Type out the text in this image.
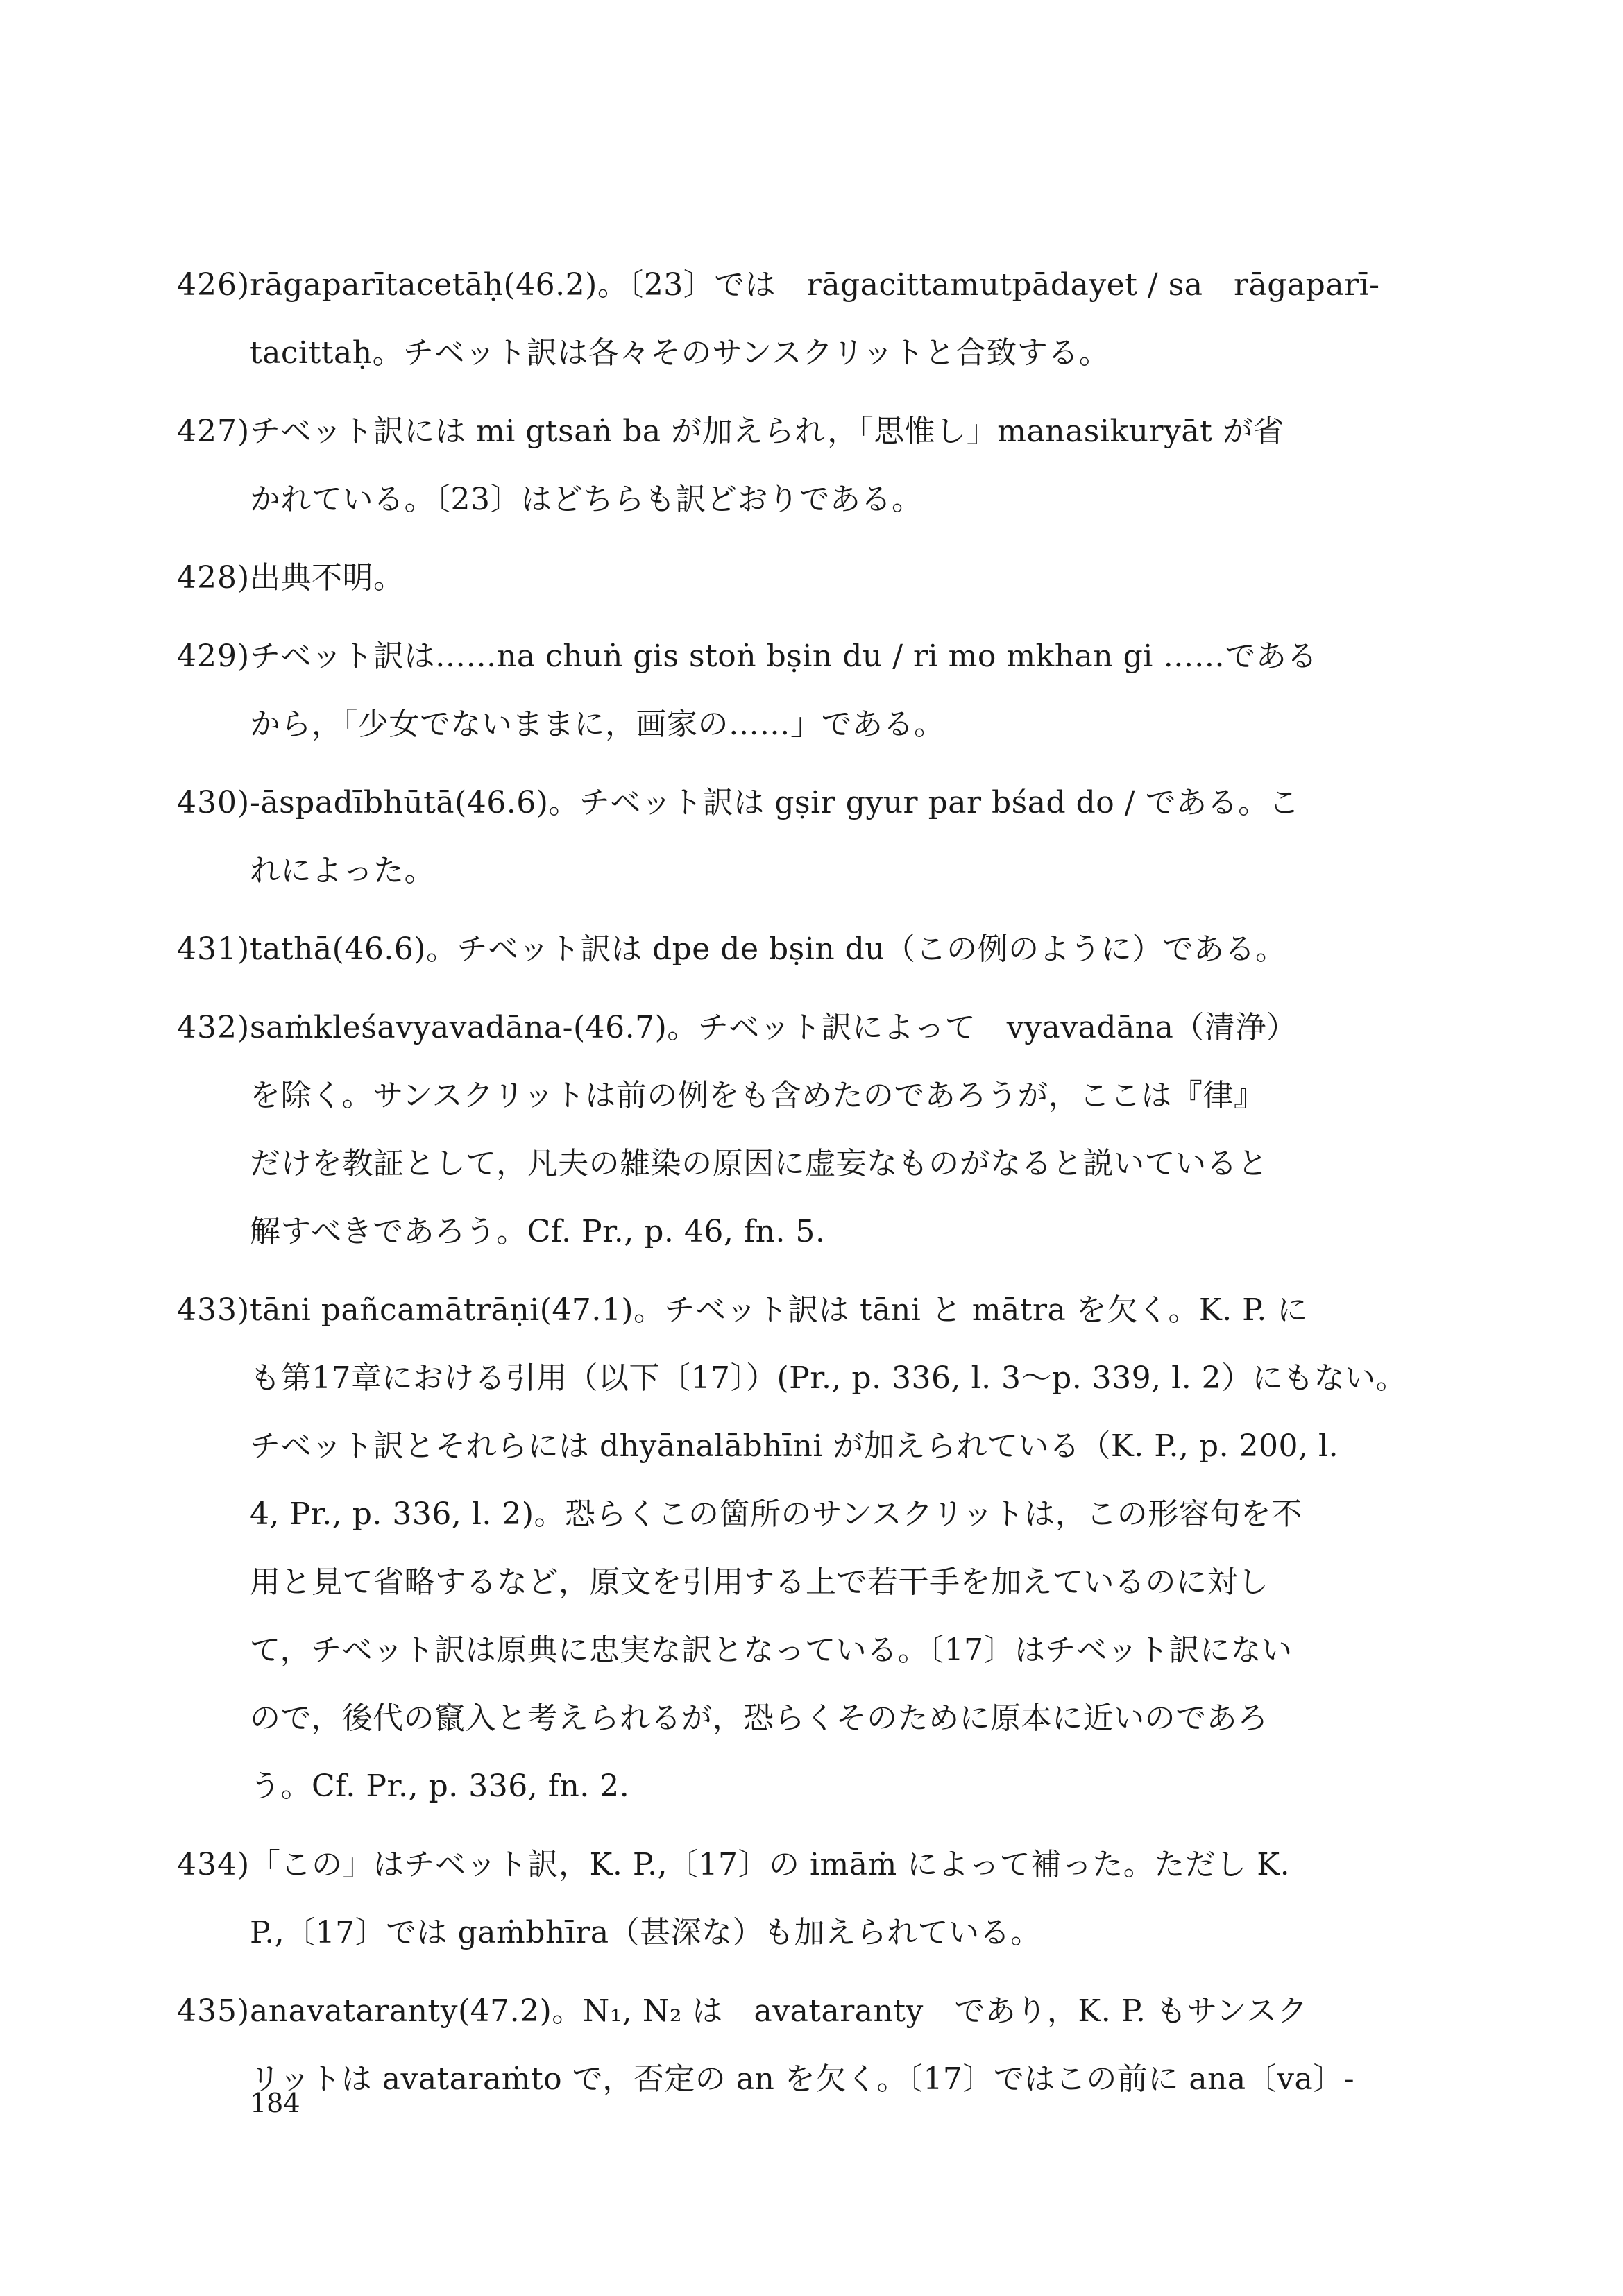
426) rāgaparītacetāḥ(46.2)。〔23〕では　rāgacittamutpādayet / sa　rāgaparī-
tacittaḥ。チベット訳は各々そのサンスクリットと合致する。
427) チベット訳には mi gtsaṅ ba が加えられ，「思惟し」manasikuryāt が省
かれている。〔23〕はどちらも訳どおりである。
428) 出典不明。
429) チベット訳は……na chuṅ gis stoṅ bṣin du / ri mo mkhan gi ……である
から，「少女でないままに，画家の……」である。
430) -āspadībhūtā(46.6)。チベット訳は gṣir gyur par bśad do / である。こ
れによった。
431) tathā(46.6)。チベット訳は dpe de bṣin du（この例のように）である。
432) saṁkleśavyavadāna-(46.7)。チベット訳によって　vyavadāna（清浄）
を除く。サンスクリットは前の例をも含めたのであろうが，ここは『律』
だけを教証として，凡夫の雑染の原因に虚妄なものがなると説いていると
解すべきであろう。Cf. Pr., p. 46, fn. 5.
433) tāni pañcamātrāṇi(47.1)。チベット訳は tāni と mātra を欠く。K. P. に
も第17章における引用（以下〔17〕）(Pr., p. 336, l. 3～p. 339, l. 2）にもない。
チベット訳とそれらには dhyānalābhīni が加えられている（K. P., p. 200, l.
4, Pr., p. 336, l. 2)。恐らくこの箇所のサンスクリットは，この形容句を不
用と見て省略するなど，原文を引用する上で若干手を加えているのに対し
て，チベット訳は原典に忠実な訳となっている。〔17〕はチベット訳にない
ので，後代の竄入と考えられるが，恐らくそのために原本に近いのであろ
う。Cf. Pr., p. 336, fn. 2.
434) 「この」はチベット訳，K. P.,〔17〕の imāṁ によって補った。ただし K.
P.,〔17〕では gaṁbhīra（甚深な）も加えられている。
435) anavataranty(47.2)。N₁, N₂ は　avataranty　であり，K. P. もサンスク
リットは avataraṁto で，否定の an を欠く。〔17〕ではこの前に ana〔va〕-
184
